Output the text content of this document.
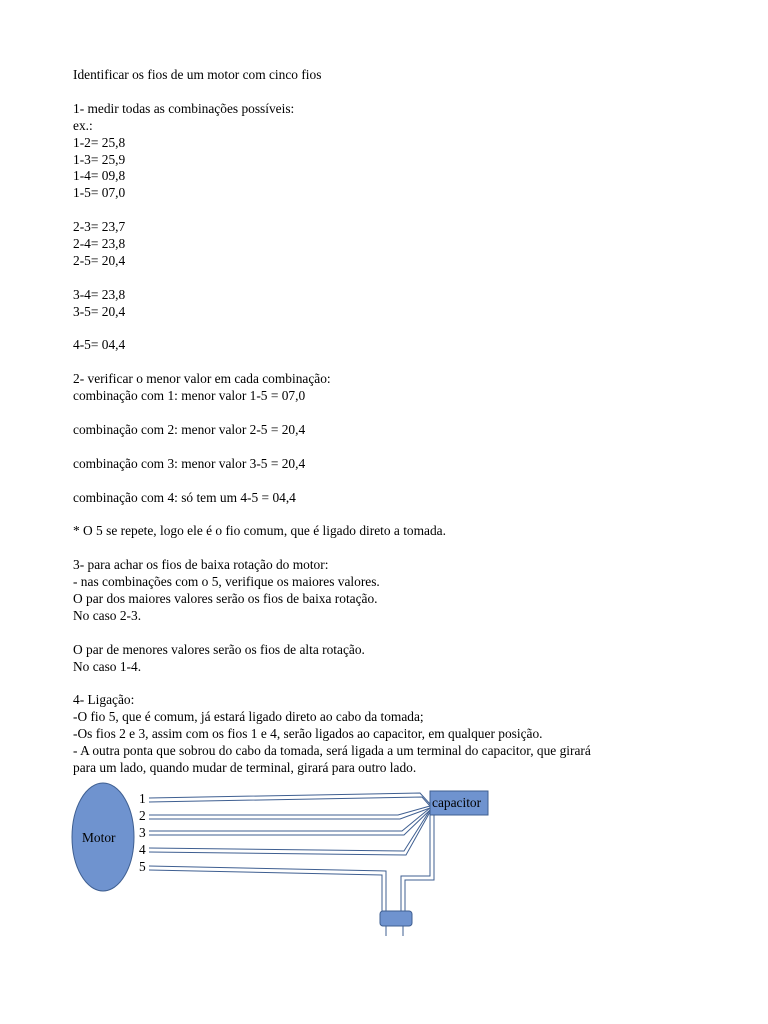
Identificar os fios de um motor com cinco fios
1- medir todas as combinações possíveis:
ex.:
1-2= 25,8
1-3= 25,9
1-4= 09,8
1-5= 07,0
2-3= 23,7
2-4= 23,8
2-5= 20,4
3-4= 23,8
3-5= 20,4
4-5= 04,4
2- verificar o menor valor em cada combinação:
combinação com 1: menor valor 1-5 = 07,0
combinação com 2: menor valor 2-5 = 20,4
combinação com 3: menor valor 3-5 = 20,4
combinação com 4: só tem um 4-5 = 04,4
* O 5 se repete, logo ele é o fio comum, que é ligado direto a tomada.
3- para achar os fios de baixa rotação do motor:
- nas combinações com o 5, verifique os maiores valores.
O par dos maiores valores serão os fios de baixa rotação.
No caso 2-3.
O par de menores valores serão os fios de alta rotação.
No caso 1-4.
4- Ligação:
-O fio 5, que é comum, já estará ligado direto ao cabo da tomada;
-Os fios 2 e 3, assim com os fios 1 e 4, serão ligados ao capacitor, em qualquer posição.
- A outra ponta que sobrou do cabo da tomada, será ligada a um terminal do capacitor, que girará
para um lado, quando mudar de terminal, girará para outro lado.
Motor
capacitor
1
2
3
4
5
